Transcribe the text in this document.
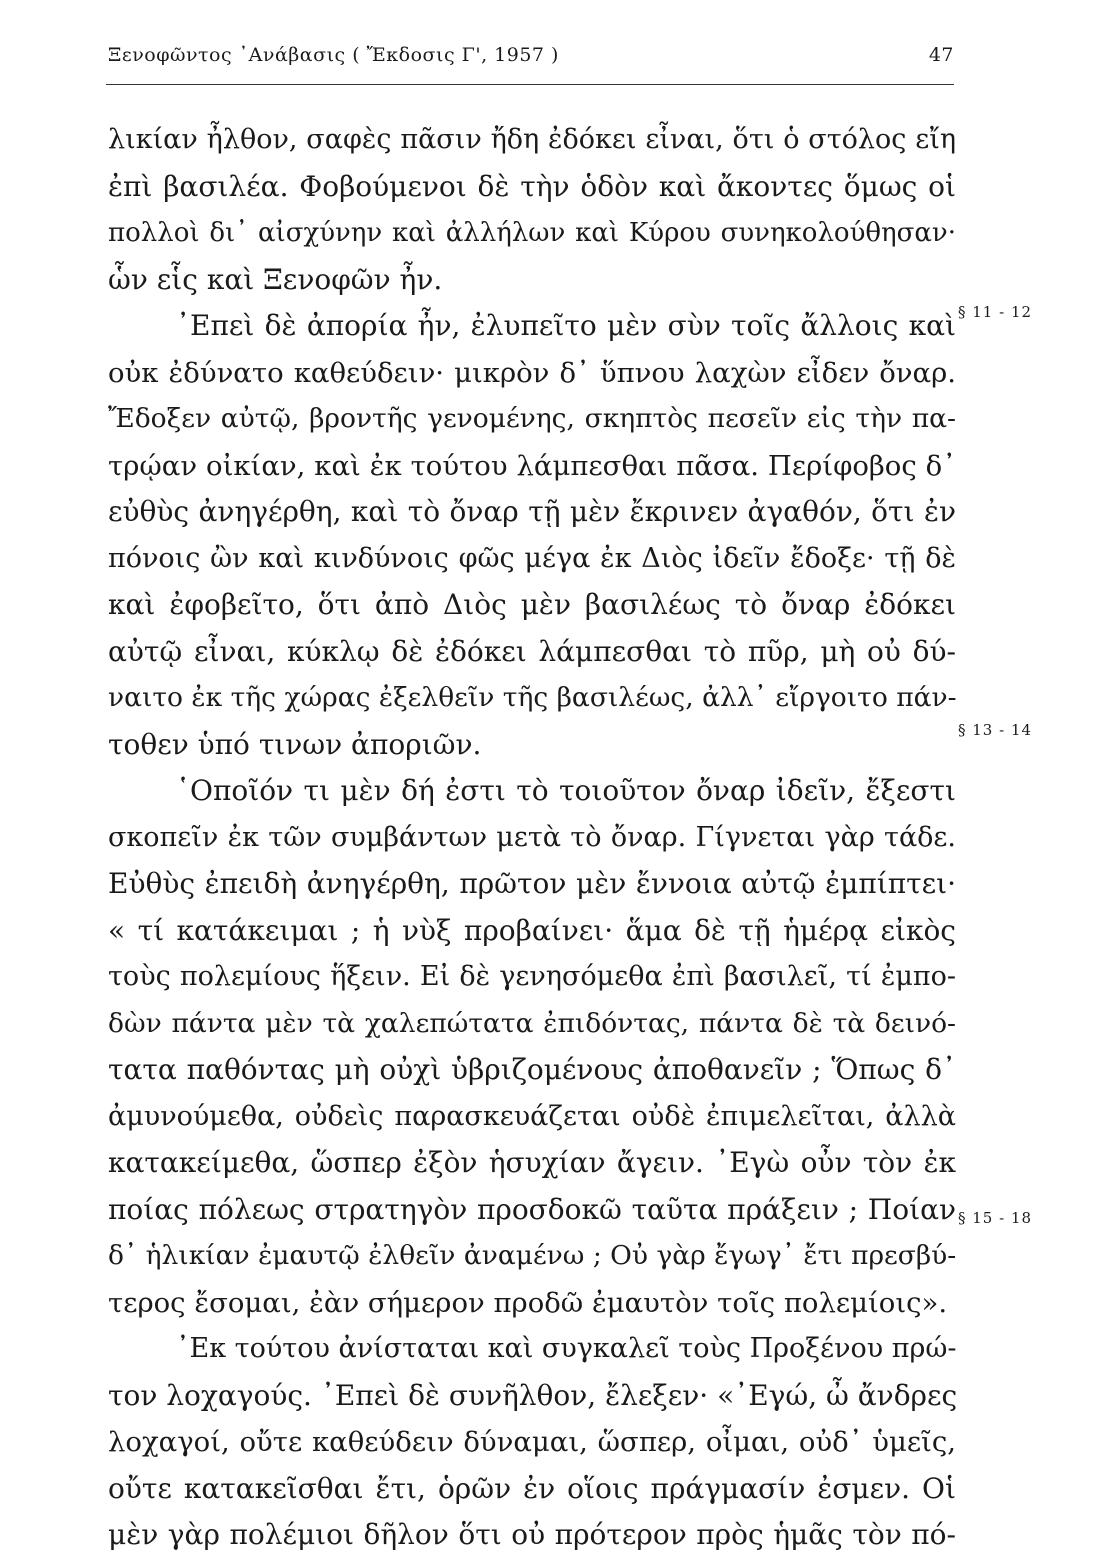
Ξενοφῶντος ᾿Ανάβασις ( Ἔκδοσις Γ', 1957 )	47
λικίαν ἦλθον, σαφὲς πᾶσιν ἤδη ἐδόκει εἶναι, ὅτι ὁ στόλος εἴη
ἐπὶ βασιλέα. Φοβούμενοι δὲ τὴν ὁδὸν καὶ ἄκοντες ὅμως οἱ
πολλοὶ δι᾿ αἰσχύνην καὶ ἀλλήλων καὶ Κύρου συνηκολούθησαν·
ὧν εἷς καὶ Ξενοφῶν ἦν.
᾿Επεὶ δὲ ἀπορία ἦν, ἐλυπεῖτο μὲν σὺν τοῖς ἄλλοις καὶ
οὐκ ἐδύνατο καθεύδειν· μικρὸν δ᾿ ὕπνου λαχὼν εἶδεν ὄναρ.
Ἔδοξεν αὐτῷ, βροντῆς γενομένης, σκηπτὸς πεσεῖν εἰς τὴν πα-
τρῴαν οἰκίαν, καὶ ἐκ τούτου λάμπεσθαι πᾶσα. Περίφοβος δ᾿
εὐθὺς ἀνηγέρθη, καὶ τὸ ὄναρ τῇ μὲν ἔκρινεν ἀγαθόν, ὅτι ἐν
πόνοις ὢν καὶ κινδύνοις φῶς μέγα ἐκ Διὸς ἰδεῖν ἔδοξε· τῇ δὲ
καὶ ἐφοβεῖτο, ὅτι ἀπὸ Διὸς μὲν βασιλέως τὸ ὄναρ ἐδόκει
αὐτῷ εἶναι, κύκλῳ δὲ ἐδόκει λάμπεσθαι τὸ πῦρ, μὴ οὐ δύ-
ναιτο ἐκ τῆς χώρας ἐξελθεῖν τῆς βασιλέως, ἀλλ᾿ εἴργοιτο πάν-
τοθεν ὑπό τινων ἀποριῶν.
῾Οποῖόν τι μὲν δή ἐστι τὸ τοιοῦτον ὄναρ ἰδεῖν, ἔξεστι
σκοπεῖν ἐκ τῶν συμβάντων μετὰ τὸ ὄναρ. Γίγνεται γὰρ τάδε.
Εὐθὺς ἐπειδὴ ἀνηγέρθη, πρῶτον μὲν ἔννοια αὐτῷ ἐμπίπτει·
« τί κατάκειμαι ; ἡ νὺξ προβαίνει· ἅμα δὲ τῇ ἡμέρᾳ εἰκὸς
τοὺς πολεμίους ἥξειν. Εἰ δὲ γενησόμεθα ἐπὶ βασιλεῖ, τί ἐμπο-
δὼν πάντα μὲν τὰ χαλεπώτατα ἐπιδόντας, πάντα δὲ τὰ δεινό-
τατα παθόντας μὴ οὐχὶ ὑβριζομένους ἀποθανεῖν ; Ὅπως δ᾿
ἀμυνούμεθα, οὐδεὶς παρασκευάζεται οὐδὲ ἐπιμελεῖται, ἀλλὰ
κατακείμεθα, ὥσπερ ἐξὸν ἡσυχίαν ἄγειν. ᾿Εγὼ οὖν τὸν ἐκ
ποίας πόλεως στρατηγὸν προσδοκῶ ταῦτα πράξειν ; Ποίαν
δ᾿ ἡλικίαν ἐμαυτῷ ἐλθεῖν ἀναμένω ; Οὐ γὰρ ἔγωγ᾿ ἔτι πρεσβύ-
τερος ἔσομαι, ἐὰν σήμερον προδῶ ἐμαυτὸν τοῖς πολεμίοις».
᾿Εκ τούτου ἀνίσταται καὶ συγκαλεῖ τοὺς Προξένου πρώ-
τον λοχαγούς. ᾿Επεὶ δὲ συνῆλθον, ἔλεξεν· «᾿Εγώ, ὦ ἄνδρες
λοχαγοί, οὔτε καθεύδειν δύναμαι, ὥσπερ, οἶμαι, οὐδ᾿ ὑμεῖς,
οὔτε κατακεῖσθαι ἔτι, ὁρῶν ἐν οἵοις πράγμασίν ἐσμεν. Οἱ
μὲν γὰρ πολέμιοι δῆλον ὅτι οὐ πρότερον πρὸς ἡμᾶς τὸν πό-
§ 11 - 12
§ 13 - 14
§ 15 - 18
